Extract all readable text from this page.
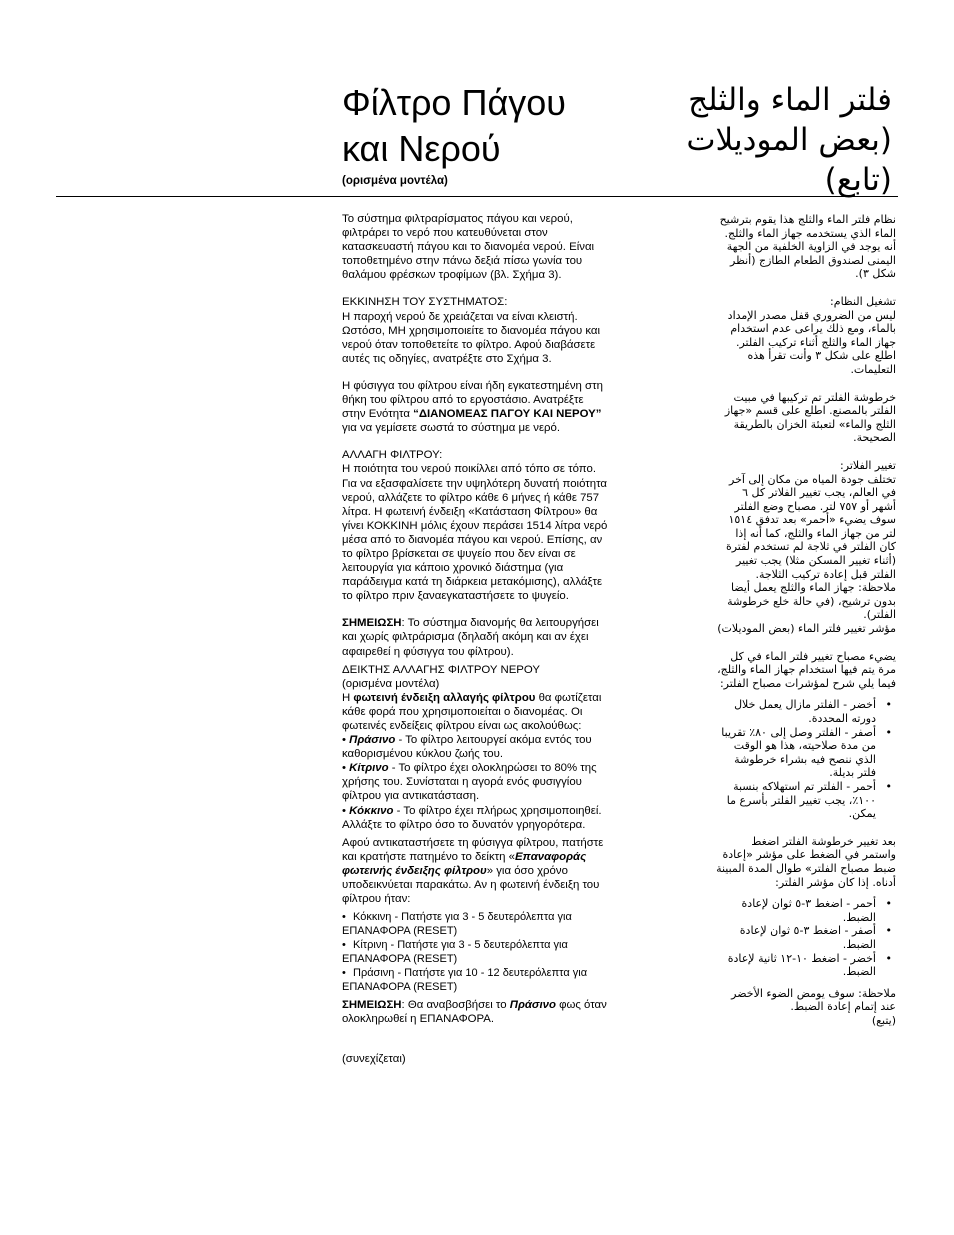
Φίλτρο Πάγου και Νερού
(ορισμένα μοντέλα)
فلتر الماء والثلج
(بعض الموديلات
(تابع)

Το σύστημα φιλτραρίσματος πάγου και νερού, φιλτράρει το νερό που κατευθύνεται στον κατασκευαστή πάγου και το διανομέα νερού. Είναι τοποθετημένο στην πάνω δεξιά πίσω γωνία του θαλάμου φρέσκων τροφίμων (βλ. Σχήμα 3).

ΕΚΚΙΝΗΣΗ ΤΟΥ ΣΥΣΤΗΜΑΤΟΣ:

Η παροχή νερού δε χρειάζεται να είναι κλειστή. Ωστόσο, ΜΗ χρησιμοποιείτε το διανομέα πάγου και νερού όταν τοποθετείτε το φίλτρο. Αφού διαβάσετε αυτές τις οδηγίες, ανατρέξτε στο Σχήμα 3.

Η φύσιγγα του φίλτρου είναι ήδη εγκατεστημένη στη θήκη του φίλτρου από το εργοστάσιο. Ανατρέξτε στην Ενότητα “ΔΙΑΝΟΜΕΑΣ ΠΑΓΟΥ ΚΑΙ ΝΕΡΟΥ” για να γεμίσετε σωστά το σύστημα με νερό.

ΑΛΛΑΓΗ ΦΙΛΤΡΟΥ:

Η ποιότητα του νερού ποικίλλει από τόπο σε τόπο. Για να εξασφαλίσετε την υψηλότερη δυνατή ποιότητα νερού, αλλάζετε το φίλτρο κάθε 6 μήνες ή κάθε 757 λίτρα. Η φωτεινή ένδειξη «Κατάσταση Φίλτρου» θα γίνει ΚΟΚΚΙΝΗ μόλις έχουν περάσει 1514 λίτρα νερό μέσα από το διανομέα πάγου και νερού. Επίσης, αν το φίλτρο βρίσκεται σε ψυγείο που δεν είναι σε λειτουργία για κάποιο χρονικό διάστημα (για παράδειγμα κατά τη διάρκεια μετακόμισης), αλλάξτε το φίλτρο πριν ξαναεγκαταστήσετε το ψυγείο.

ΣΗΜΕΙΩΣΗ: Το σύστημα διανομής θα λειτουργήσει και χωρίς φιλτράρισμα (δηλαδή ακόμη και αν έχει αφαιρεθεί η φύσιγγα του φίλτρου).

ΔΕΙΚΤΗΣ ΑΛΛΑΓΗΣ ΦΙΛΤΡΟΥ ΝΕΡΟΥ

(ορισμένα μοντέλα)

Η φωτεινή ένδειξη αλλαγής φίλτρου θα φωτίζεται κάθε φορά που χρησιμοποιείται ο διανομέας. Οι φωτεινές ενδείξεις φίλτρου είναι ως ακολούθως:

• Πράσινο - Το φίλτρο λειτουργεί ακόμα εντός του καθορισμένου κύκλου ζωής του.

• Κίτρινο - Το φίλτρο έχει ολοκληρώσει το 80% της χρήσης του. Συνίσταται η αγορά ενός φυσιγγίου φίλτρου για αντικατάσταση.

• Κόκκινο - Το φίλτρο έχει πλήρως χρησιμοποιηθεί. Αλλάξτε το φίλτρο όσο το δυνατόν γρηγορότερα.

Αφού αντικαταστήσετε τη φύσιγγα φίλτρου, πατήστε και κρατήστε πατημένο το δείκτη «Επαναφοράς φωτεινής ένδειξης φίλτρου» για όσο χρόνο υποδεικνύεται παρακάτω. Αν η φωτεινή ένδειξη του φίλτρου ήταν:

• Κόκκινη - Πατήστε για 3 - 5 δευτερόλεπτα για ΕΠΑΝΑΦΟΡΑ (RESET)
• Κίτρινη - Πατήστε για 3 - 5 δευτερόλεπτα για ΕΠΑΝΑΦΟΡΑ (RESET)
• Πράσινη - Πατήστε για 10 - 12 δευτερόλεπτα για ΕΠΑΝΑΦΟΡΑ (RESET)

ΣΗΜΕΙΩΣΗ: Θα αναβοσβήσει το Πράσινο φως όταν ολοκληρωθεί η ΕΠΑΝΑΦΟΡΑ.

(συνεχίζεται)

نظام فلتر الماء والثلج هذا يقوم بترشيح الماء الذي يستخدمه جهاز الماء والثلج. أنه يوجد في الزاوية الخلفية من الجهة اليمنى لصندوق الطعام الطازج (أنظر شكل ٣).

تشغيل النظام:

ليس من الضروري قفل مصدر الإمداد بالماء، ومع ذلك يراعى عدم استخدام جهاز الماء والثلج أثناء تركيب الفلتر. اطلع على شكل ٣ وأنت تقرأ هذه التعليمات.

خرطوشة الفلتر تم تركيبها في مبيت الفلتر بالمصنع. اطلع على قسم «جهاز الثلج والماء» لتعبئة الخزان بالطريقة الصحيحة.

تغيير الفلاتر:

تختلف جودة المياه من مكان إلى آخر في العالم، يجب تغيير الفلاتر كل ٦ أشهر أو ٧٥٧ لتر. مصباح وضع الفلتر سوف يضيء «أحمر» بعد تدفق ١٥١٤ لتر من جهاز الماء والثلج، كما أنه إذا كان الفلتر في ثلاجة لم تستخدم لفترة (أثناء تغيير المسكن مثلا) يجب تغيير الفلتر قبل إعادة تركيب الثلاجة.

ملاحظة: جهاز الماء والثلج يعمل أيضا بدون ترشيح، (في حالة خلع خرطوشة الفلتر).

مؤشر تغيير فلتر الماء (بعض الموديلات)

يضيء مصباح تغيير فلتر الماء في كل مرة يتم فيها استخدام جهاز الماء والثلج، فيما يلي شرح لمؤشرات مصباح الفلتر:

•
أخضر - الفلتر مازال يعمل خلال دورته المحددة.
•
أصفر - الفلتر وصل إلى ٨٠٪ تقريبا من مدة صلاحيته، هذا هو الوقت الذي ننصح فيه بشراء خرطوشة فلتر بديلة.
•
أحمر - الفلتر تم استهلاكه بنسبة ١٠٠٪، يجب تغيير الفلتر بأسرع ما يمكن.

بعد تغيير خرطوشة الفلتر اضغط واستمر في الضغط على مؤشر «إعادة ضبط مصباح الفلتر» طوال المدة المبينة أدناه. إذا كان مؤشر الفلتر:

•
أحمر - اضغط ٣-٥ ثوان لإعادة الضبط.
•
أصفر - اضغط ٣-٥ ثوان لإعادة الضبط.
•
أخضر - اضغط ١٠-١٢ ثانية لإعادة الضبط.

ملاحظة: سوف يومض الضوء الأخضر عند إتمام إعادة الضبط.

(يتبع)
